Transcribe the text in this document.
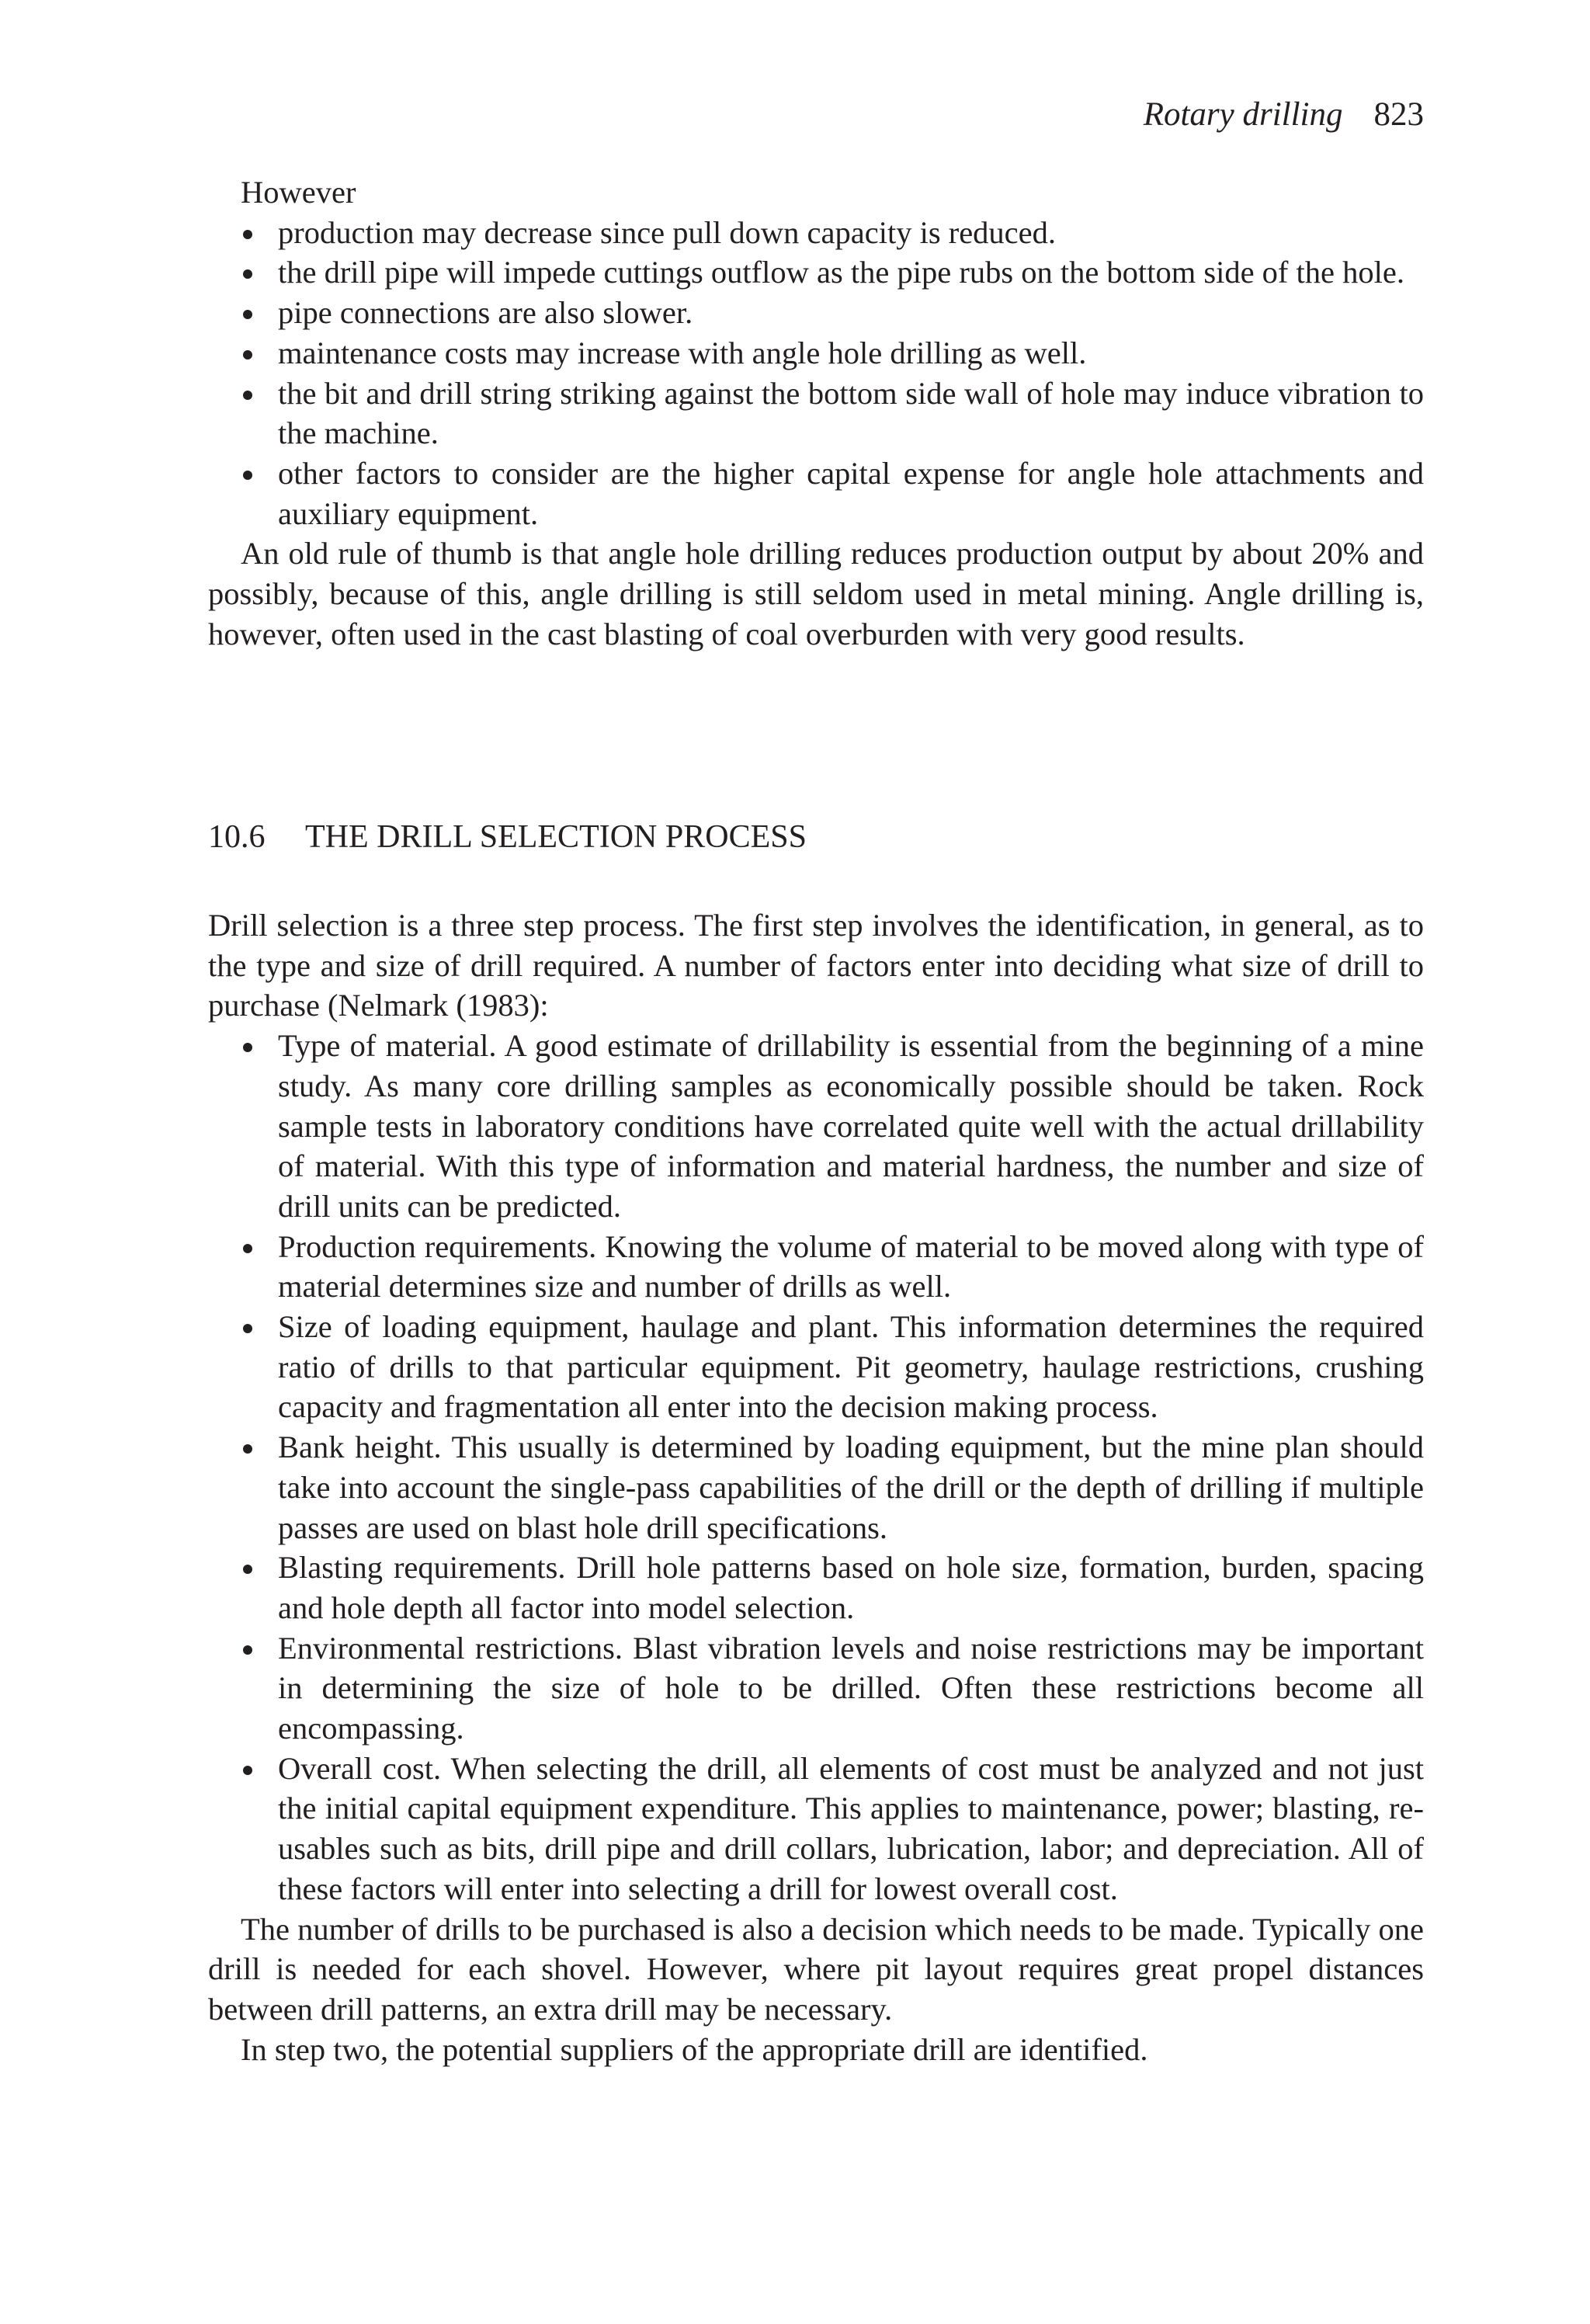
Rotary drilling 823

However

production may decrease since pull down capacity is reduced.
the drill pipe will impede cuttings outflow as the pipe rubs on the bottom side of the hole.
pipe connections are also slower.
maintenance costs may increase with angle hole drilling as well.
the bit and drill string striking against the bottom side wall of hole may induce vibration to the machine.
other factors to consider are the higher capital expense for angle hole attachments and auxiliary equipment.

An old rule of thumb is that angle hole drilling reduces production output by about 20% and possibly, because of this, angle drilling is still seldom used in metal mining. Angle drilling is, however, often used in the cast blasting of coal overburden with very good results.

10.6 THE DRILL SELECTION PROCESS

Drill selection is a three step process. The first step involves the identification, in general, as to the type and size of drill required. A number of factors enter into deciding what size of drill to purchase (Nelmark (1983):

Type of material. A good estimate of drillability is essential from the beginning of a mine study. As many core drilling samples as economically possible should be taken. Rock sample tests in laboratory conditions have correlated quite well with the actual drillability of material. With this type of information and material hardness, the number and size of drill units can be predicted.
Production requirements. Knowing the volume of material to be moved along with type of material determines size and number of drills as well.
Size of loading equipment, haulage and plant. This information determines the required ratio of drills to that particular equipment. Pit geometry, haulage restrictions, crushing capacity and fragmentation all enter into the decision making process.
Bank height. This usually is determined by loading equipment, but the mine plan should take into account the single-pass capabilities of the drill or the depth of drilling if multiple passes are used on blast hole drill specifications.
Blasting requirements. Drill hole patterns based on hole size, formation, burden, spacing and hole depth all factor into model selection.
Environmental restrictions. Blast vibration levels and noise restrictions may be important in determining the size of hole to be drilled. Often these restrictions become all encompassing.
Overall cost. When selecting the drill, all elements of cost must be analyzed and not just the initial capital equipment expenditure. This applies to maintenance, power; blasting, re-usables such as bits, drill pipe and drill collars, lubrication, labor; and depreciation. All of these factors will enter into selecting a drill for lowest overall cost.

The number of drills to be purchased is also a decision which needs to be made. Typically one drill is needed for each shovel. However, where pit layout requires great propel distances between drill patterns, an extra drill may be necessary.

In step two, the potential suppliers of the appropriate drill are identified.
